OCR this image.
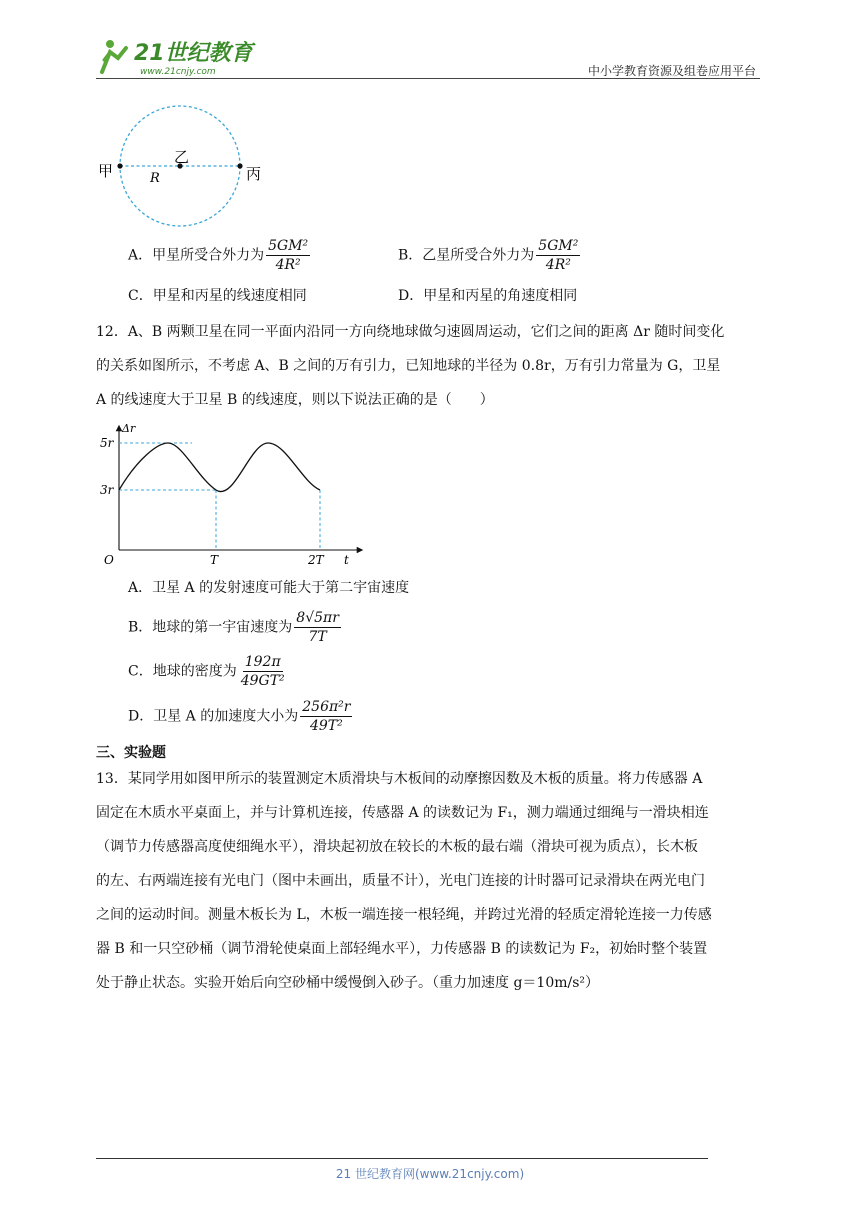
21世纪教育
www.21cnjy.com	中小学教育资源及组卷应用平台
甲
乙
丙
R
A．甲星所受合外力为 $\frac{\text{5GM²}}{\text{4R²}}$	B．乙星所受合外力为 $\frac{\text{5GM²}}{\text{4R²}}$
C．甲星和丙星的线速度相同	D．甲星和丙星的角速度相同
12．A、B 两颗卫星在同一平面内沿同一方向绕地球做匀速圆周运动，它们之间的距离 Δr 随时间变化
的关系如图所示，不考虑 A、B 之间的万有引力，已知地球的半径为 0.8r，万有引力常量为 G，卫星
A 的线速度大于卫星 B 的线速度，则以下说法正确的是（　　）
Δr
t
O
5r
3r
T	2T
A．卫星 A 的发射速度可能大于第二宇宙速度
B．地球的第一宇宙速度为 $\frac{8√5\pi r}{7T}$
C．地球的密度为 $\frac{192\pi}{\text{49GT²}}$
D．卫星 A 的加速度大小为 $\frac{\text{256π²r}}{\text{49T²}}$
三、实验题
13．某同学用如图甲所示的装置测定木质滑块与木板间的动摩擦因数及木板的质量。将力传感器 A
固定在木质水平桌面上，并与计算机连接，传感器 A 的读数记为 F₁，测力端通过细绳与一滑块相连
（调节力传感器高度使细绳水平），滑块起初放在较长的木板的最右端（滑块可视为质点），长木板
的左、右两端连接有光电门（图中未画出，质量不计），光电门连接的计时器可记录滑块在两光电门
之间的运动时间。测量木板长为 L，木板一端连接一根轻绳，并跨过光滑的轻质定滑轮连接一力传感
器 B 和一只空砂桶（调节滑轮使桌面上部轻绳水平），力传感器 B 的读数记为 F₂，初始时整个装置
处于静止状态。实验开始后向空砂桶中缓慢倒入砂子。（重力加速度 g＝10m/s²）
21 世纪教育网(www.21cnjy.com)
